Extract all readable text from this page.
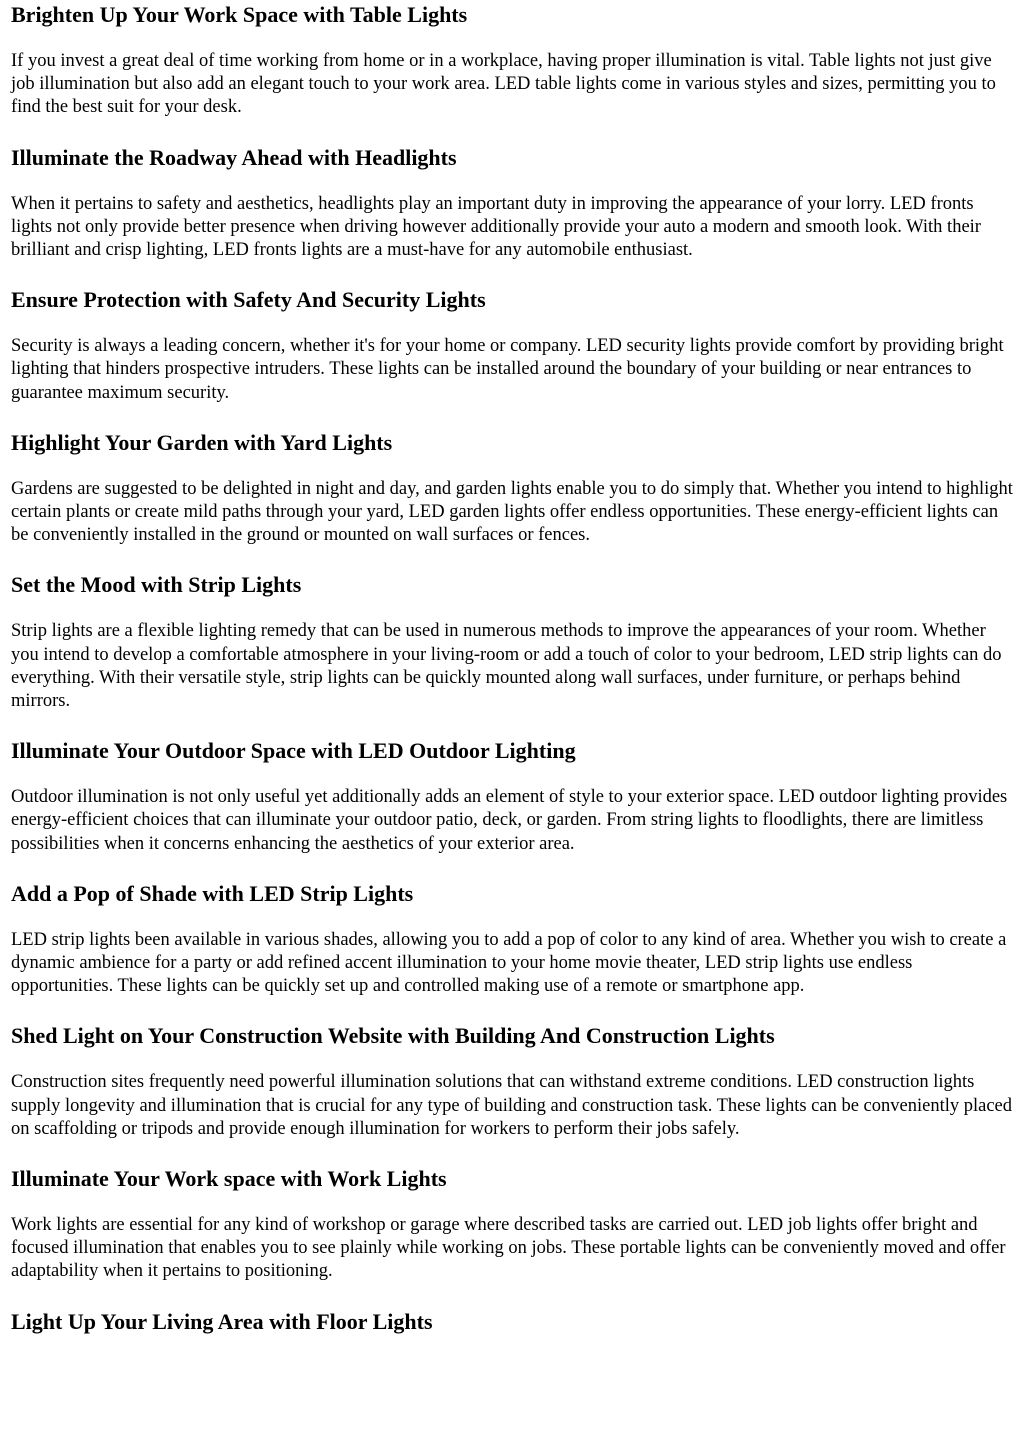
Brighten Up Your Work Space with Table Lights

If you invest a great deal of time working from home or in a workplace, having proper illumination is vital. Table lights not just give job illumination but also add an elegant touch to your work area. LED table lights come in various styles and sizes, permitting you to find the best suit for your desk.

Illuminate the Roadway Ahead with Headlights

When it pertains to safety and aesthetics, headlights play an important duty in improving the appearance of your lorry. LED fronts lights not only provide better presence when driving however additionally provide your auto a modern and smooth look. With their brilliant and crisp lighting, LED fronts lights are a must-have for any automobile enthusiast.

Ensure Protection with Safety And Security Lights

Security is always a leading concern, whether it's for your home or company. LED security lights provide comfort by providing bright lighting that hinders prospective intruders. These lights can be installed around the boundary of your building or near entrances to guarantee maximum security.

Highlight Your Garden with Yard Lights

Gardens are suggested to be delighted in night and day, and garden lights enable you to do simply that. Whether you intend to highlight certain plants or create mild paths through your yard, LED garden lights offer endless opportunities. These energy-efficient lights can be conveniently installed in the ground or mounted on wall surfaces or fences.

Set the Mood with Strip Lights

Strip lights are a flexible lighting remedy that can be used in numerous methods to improve the appearances of your room. Whether you intend to develop a comfortable atmosphere in your living-room or add a touch of color to your bedroom, LED strip lights can do everything. With their versatile style, strip lights can be quickly mounted along wall surfaces, under furniture, or perhaps behind mirrors.

Illuminate Your Outdoor Space with LED Outdoor Lighting

Outdoor illumination is not only useful yet additionally adds an element of style to your exterior space. LED outdoor lighting provides energy-efficient choices that can illuminate your outdoor patio, deck, or garden. From string lights to floodlights, there are limitless possibilities when it concerns enhancing the aesthetics of your exterior area.

Add a Pop of Shade with LED Strip Lights

LED strip lights been available in various shades, allowing you to add a pop of color to any kind of area. Whether you wish to create a dynamic ambience for a party or add refined accent illumination to your home movie theater, LED strip lights use endless opportunities. These lights can be quickly set up and controlled making use of a remote or smartphone app.

Shed Light on Your Construction Website with Building And Construction Lights

Construction sites frequently need powerful illumination solutions that can withstand extreme conditions. LED construction lights supply longevity and illumination that is crucial for any type of building and construction task. These lights can be conveniently placed on scaffolding or tripods and provide enough illumination for workers to perform their jobs safely.

Illuminate Your Work space with Work Lights

Work lights are essential for any kind of workshop or garage where described tasks are carried out. LED job lights offer bright and focused illumination that enables you to see plainly while working on jobs. These portable lights can be conveniently moved and offer adaptability when it pertains to positioning.

Light Up Your Living Area with Floor Lights
